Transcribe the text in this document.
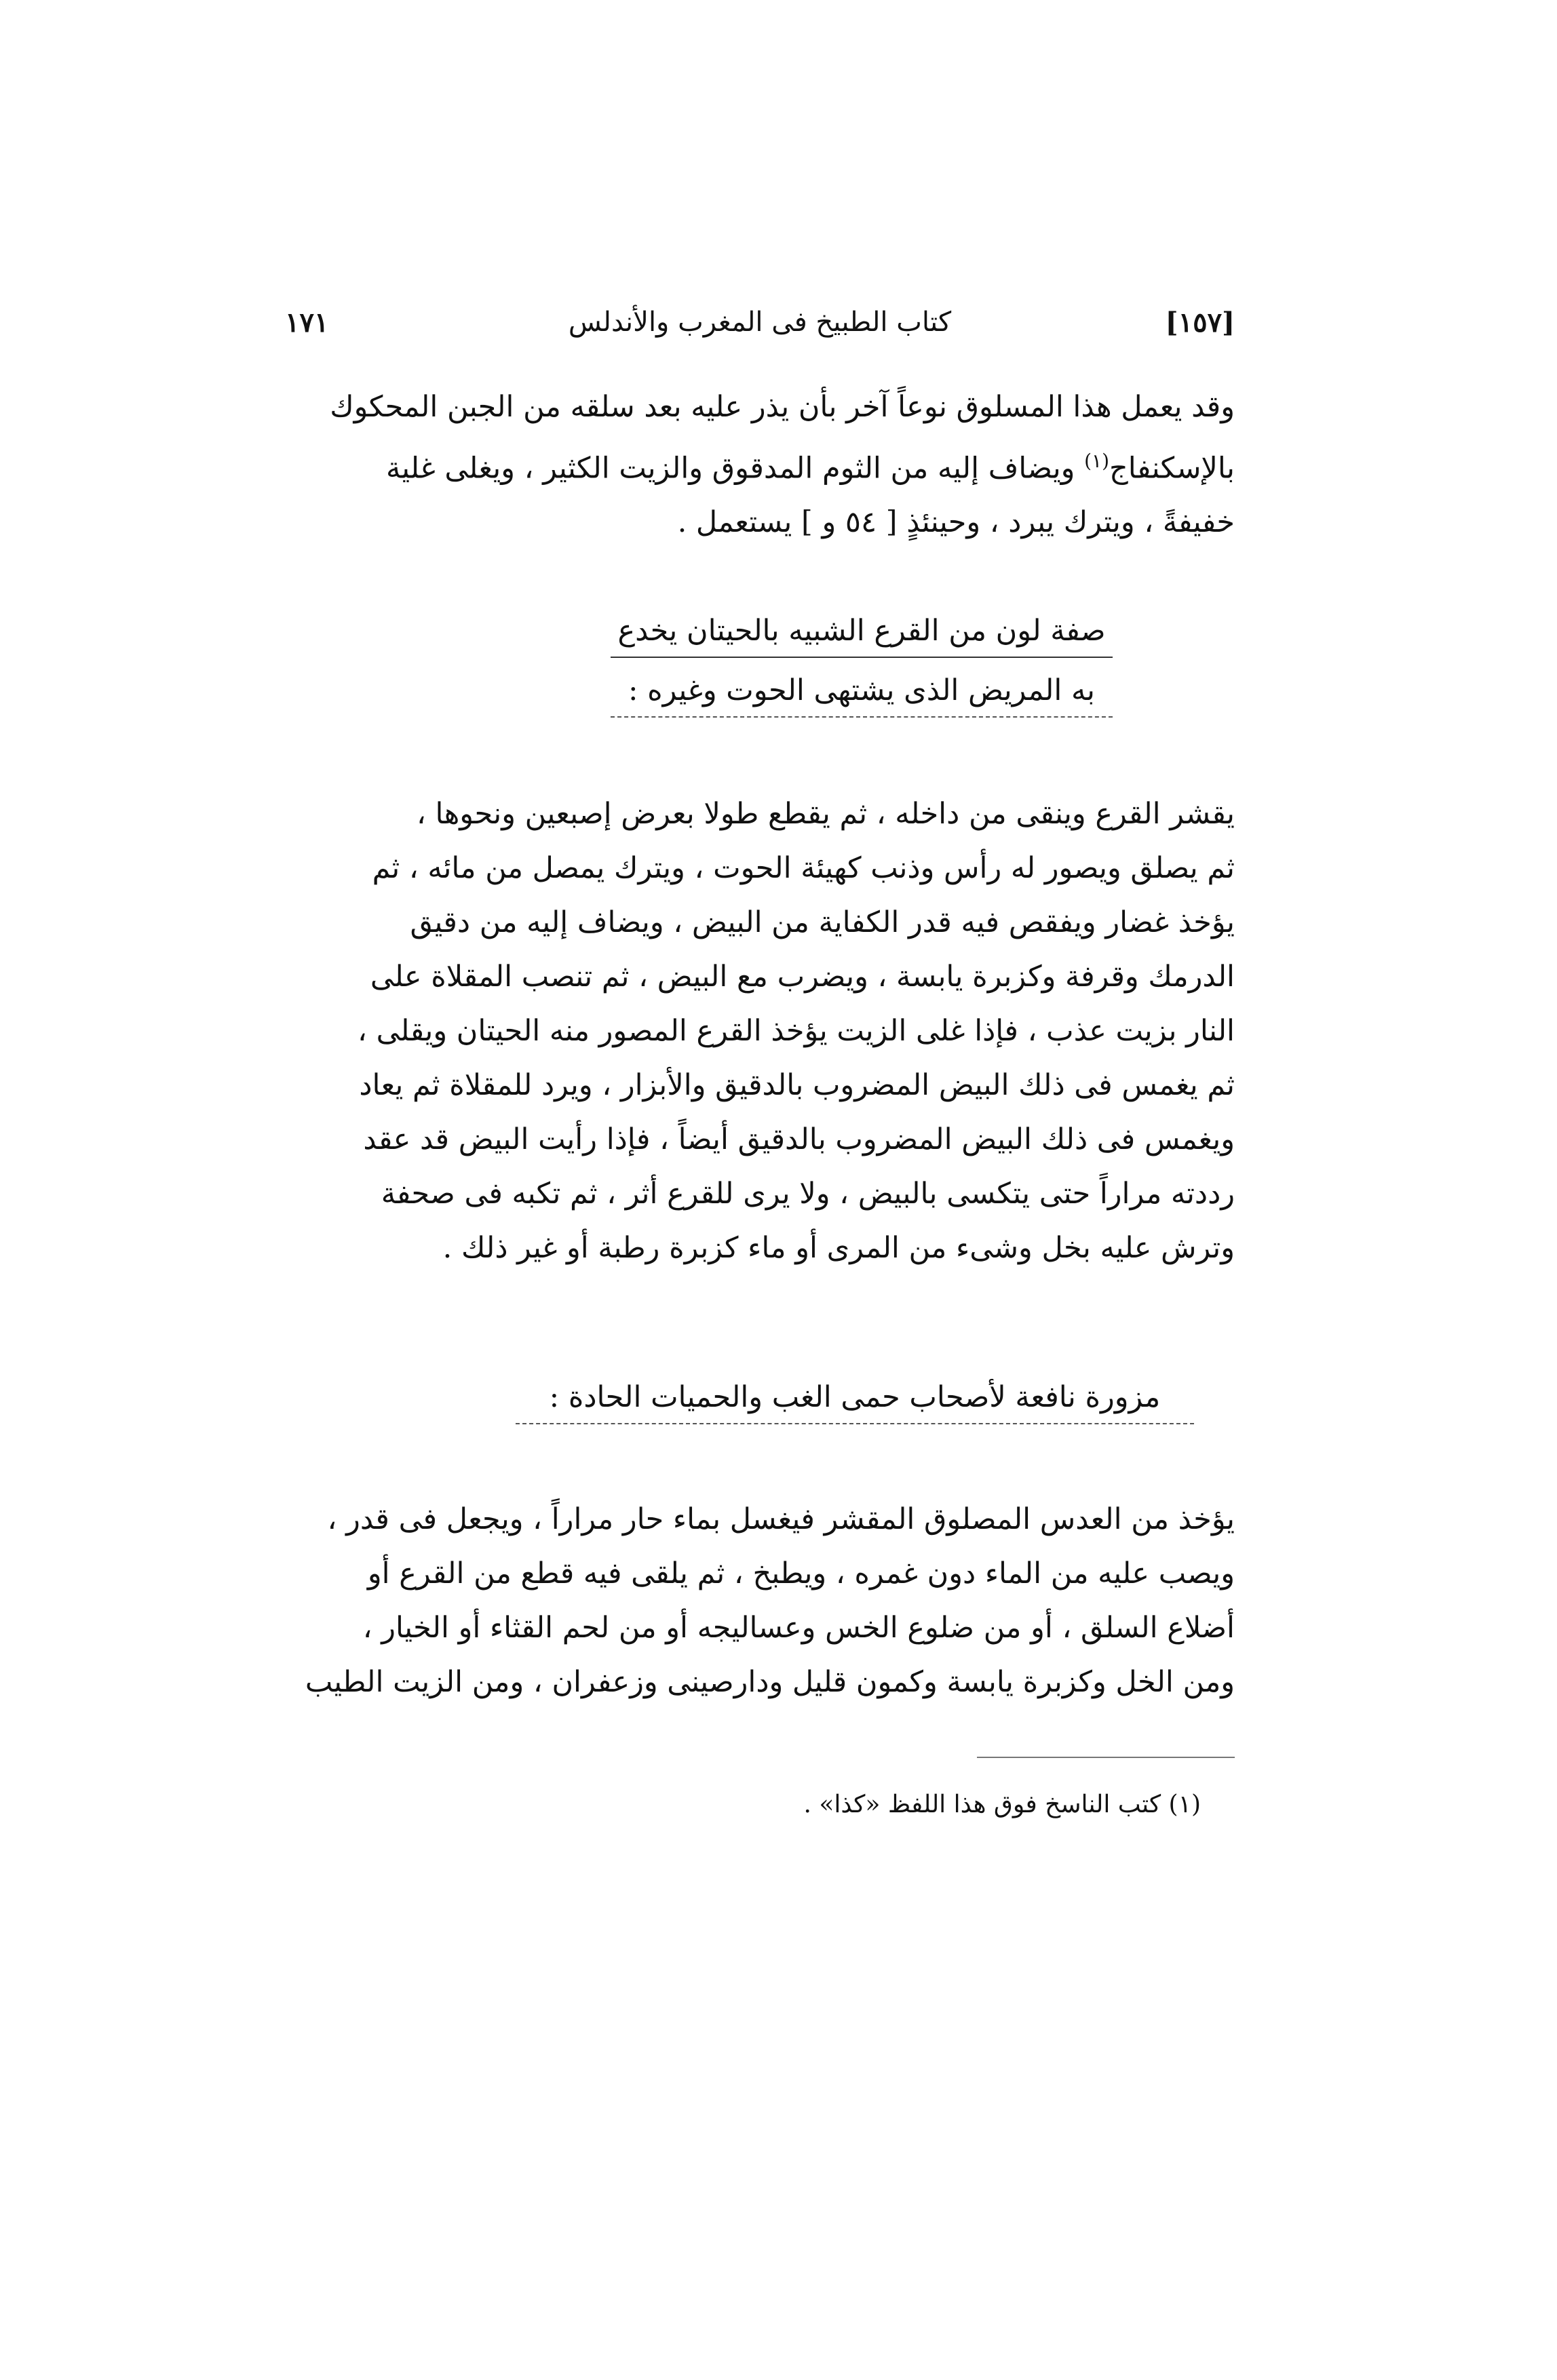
١٧١	كتاب الطبيخ فى المغرب والأندلس	[١٥٧]

وقد يعمل هذا المسلوق نوعاً آخر بأن يذر عليه بعد سلقه من الجبن المحكوك

بالإسكنفاج$^{(١)}$ ويضاف إليه من الثوم المدقوق والزيت الكثير ، ويغلى غلية

خفيفةً ، ويترك يبرد ، وحينئذٍ [ ٥٤ و ] يستعمل .

صفة لون من القرع الشبيه بالحيتان يخدع
به المريض الذى يشتهى الحوت وغيره :

يقشر القرع وينقى من داخله ، ثم يقطع طولا بعرض إصبعين ونحوها ،

ثم يصلق ويصور له رأس وذنب كهيئة الحوت ، ويترك يمصل من مائه ، ثم

يؤخذ غضار ويفقص فيه قدر الكفاية من البيض ، ويضاف إليه من دقيق

الدرمك وقرفة وكزبرة يابسة ، ويضرب مع البيض ، ثم تنصب المقلاة على

النار بزيت عذب ، فإذا غلى الزيت يؤخذ القرع المصور منه الحيتان ويقلى ،

ثم يغمس فى ذلك البيض المضروب بالدقيق والأبزار ، ويرد للمقلاة ثم يعاد

ويغمس فى ذلك البيض المضروب بالدقيق أيضاً ، فإذا رأيت البيض قد عقد

رددته مراراً حتى يتكسى بالبيض ، ولا يرى للقرع أثر ، ثم تكبه فى صحفة

وترش عليه بخل وشىء من المرى أو ماء كزبرة رطبة أو غير ذلك .

مزورة نافعة لأصحاب حمى الغب والحميات الحادة :

يؤخذ من العدس المصلوق المقشر فيغسل بماء حار مراراً ، ويجعل فى قدر ،

ويصب عليه من الماء دون غمره ، ويطبخ ، ثم يلقى فيه قطع من القرع أو

أضلاع السلق ، أو من ضلوع الخس وعساليجه أو من لحم القثاء أو الخيار ،

ومن الخل وكزبرة يابسة وكمون قليل ودارصينى وزعفران ، ومن الزيت الطيب

(١) كتب الناسخ فوق هذا اللفظ «كذا» .
